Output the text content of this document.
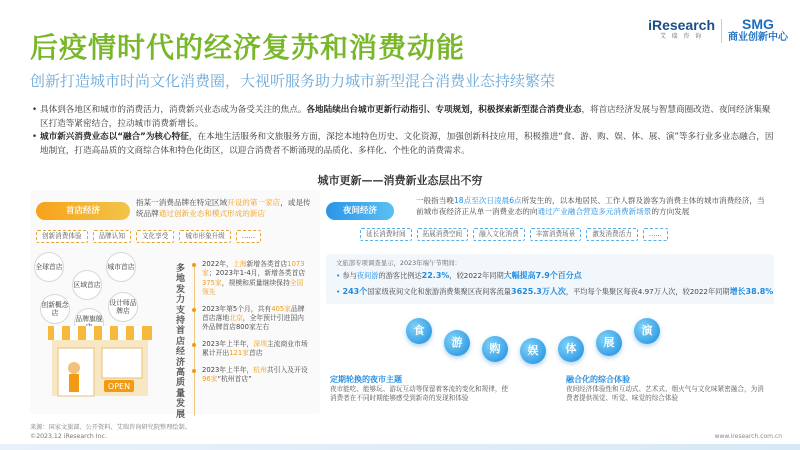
后疫情时代的经济复苏和消费动能
创新打造城市时尚文化消费圈，大视听服务助力城市新型混合消费业态持续繁荣
iResearch
艾 瑞 咨 询
SMG
商业创新中心
• 具体到各地区和城市的消费活力，消费新兴业态成为备受关注的焦点。各地陆续出台城市更新行动指引、专项规划，积极探索新型混合消费业态，将首店经济发展与智慧商圈改造、夜间经济集聚区打造等紧密结合，拉动城市消费新增长。
• 城市新兴消费业态以“融合”为核心特征，在本地生活服务和文旅服务方面，深挖本地特色历史、文化资源，加强创新科技应用，积极推进“食、游、购、娱、体、展、演”等多行业多业态融合，因地制宜，打造高品质的文商综合体和特色化街区，以迎合消费者不断涌现的品质化、多样化、个性化的消费需求。
城市更新——消费新业态层出不穷
首店经济
指某一消费品牌在特定区域开设的第一家店，或是传统品牌通过创新业态和模式形成的新店
创新消费体验	品牌认知	文化享受	城市形象升级	……
全球首店
区域首店
城市首店
创新概念店
品牌旗舰
设计师品牌店
OPEN
多地发力支持首店经济高质量发展
2022年，上海新增各类首店1073家；2023年1-4月，新增各类首店375家，规模和质量继续保持全国领先
2023年第5个月，共有405家品牌首店落地北京，全年预计引进国内外品牌首店800家左右
2023年上半年，深圳主流商业市场累计开出121家首店
2023年上半年，杭州共引入及开设96家“杭州首店”
夜间经济
一般指当晚18点至次日凌晨6点所发生的，以本地居民、工作人群及游客为消费主体的城市消费经济，当前城市夜经济正从单一消费业态的向通过产业融合营造多元消费新场景的方向发展
延长消费时间	拓展消费空间	融入文化消费	丰富消费场景	激发消费活力	……
文旅部专项调查显示，2023年端午节期间：
• 参与夜间游的游客比例达22.3%，较2022年同期大幅提高7.9个百分点
• 243个国家级夜间文化和旅游消费集聚区夜间客流量3625.3万人次，平均每个集聚区每夜4.97万人次，较2022年同期增长38.8%
食
游	购	娱	体	展
演
定期轮换的夜市主题
夜市能吃、能够玩、游玩互动等保留着客流的变化和规律，使消费者在不同时期能够感受到新奇的发现和体验
融合化的综合体验
夜间经济体验性和互动式、艺术式、烟火气与文化味紧密融合，为消费者提供视觉、听觉、味觉的综合体验
来源：国家文旅部、公开资料、艾瑞咨询研究院整理绘制。
©2023.12 iResearch Inc.	www.iresearch.com.cn
